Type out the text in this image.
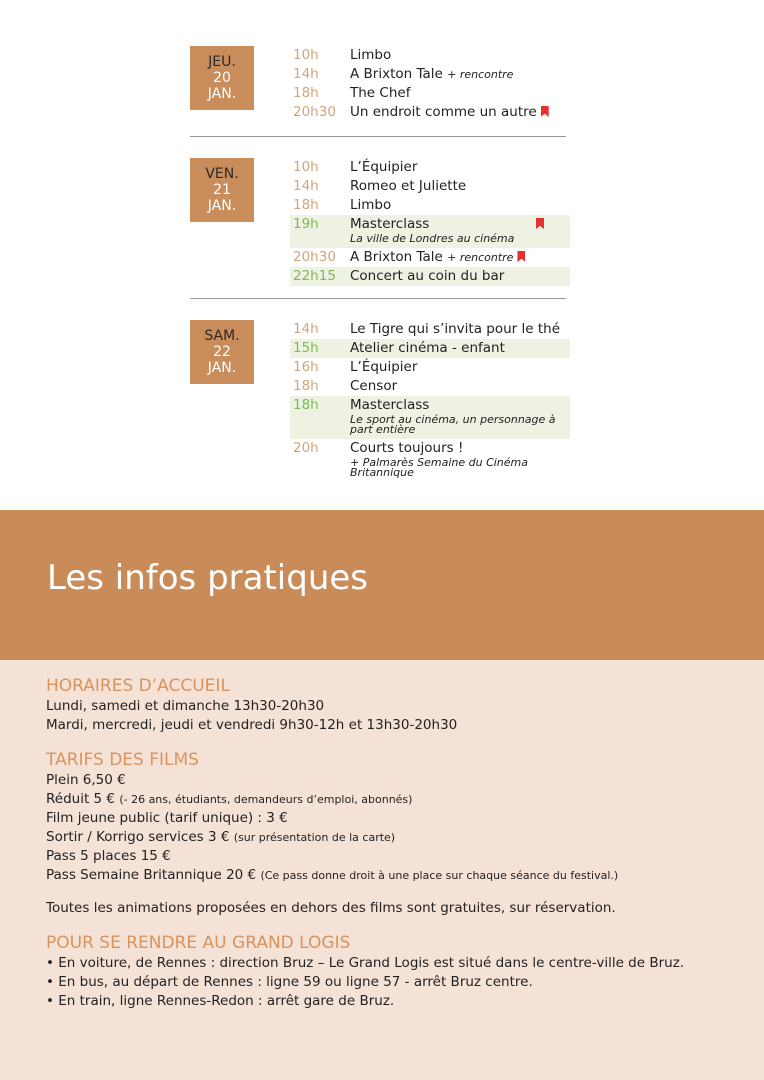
JEU.
20
JAN.
10h	Limbo
14h	A Brixton Tale + rencontre
18h	The Chef
20h30	Un endroit comme un autre
VEN.
21
JAN.
10h	L’Équipier
14h	Romeo et Juliette
18h	Limbo
19h	Masterclass
La ville de Londres au cinéma
20h30	A Brixton Tale + rencontre
22h15	Concert au coin du bar
SAM.
22
JAN.
14h	Le Tigre qui s’invita pour le thé
15h	Atelier cinéma - enfant
16h	L’Équipier
18h	Censor
18h	Masterclass
Le sport au cinéma, un personnage à part entière
20h	Courts toujours !
+ Palmarès Semaine du Cinéma Britannique
Les infos pratiques
HORAIRES D’ACCUEIL
Lundi, samedi et dimanche 13h30-20h30
Mardi, mercredi, jeudi et vendredi 9h30-12h et 13h30-20h30
TARIFS DES FILMS
Plein 6,50 €
Réduit 5 € (- 26 ans, étudiants, demandeurs d’emploi, abonnés)
Film jeune public (tarif unique) : 3 €
Sortir / Korrigo services 3 € (sur présentation de la carte)
Pass 5 places 15 €
Pass Semaine Britannique 20 € (Ce pass donne droit à une place sur chaque séance du festival.)
Toutes les animations proposées en dehors des films sont gratuites, sur réservation.
POUR SE RENDRE AU GRAND LOGIS
• En voiture, de Rennes : direction Bruz – Le Grand Logis est situé dans le centre-ville de Bruz.
• En bus, au départ de Rennes : ligne 59 ou ligne 57 - arrêt Bruz centre.
• En train, ligne Rennes-Redon : arrêt gare de Bruz.
